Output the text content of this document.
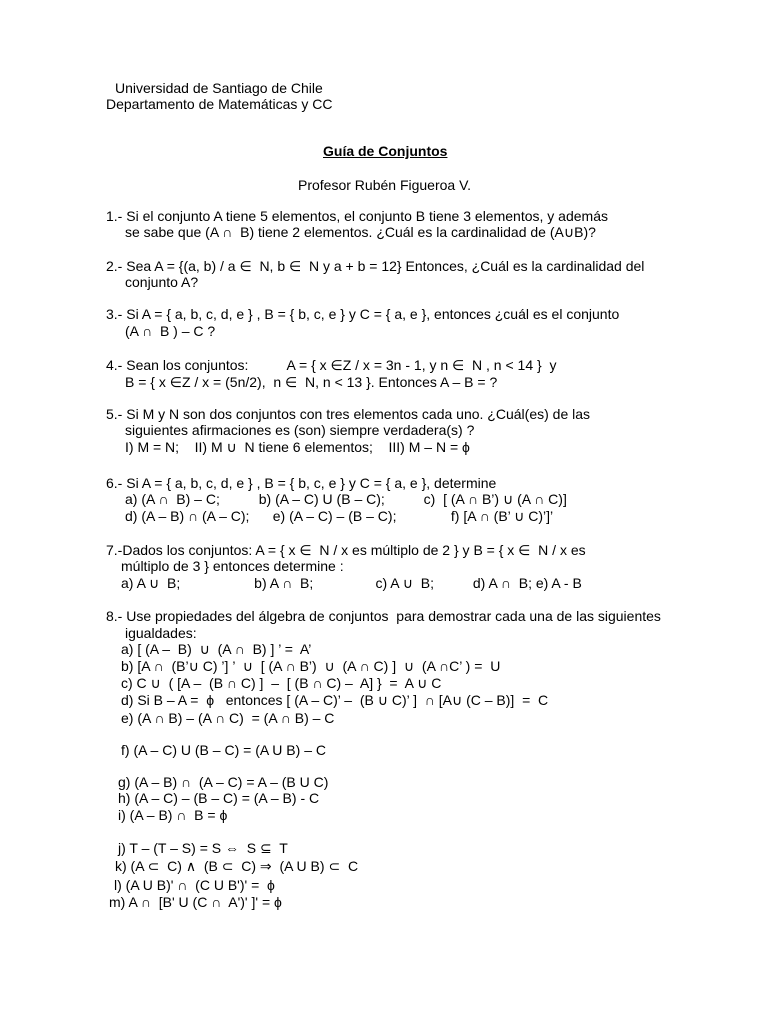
Universidad de Santiago de Chile
Departamento de Matemáticas y CC
Guía de Conjuntos
Profesor Rubén Figueroa V.
1.- Si el conjunto A tiene 5 elementos, el conjunto B tiene 3 elementos, y además
se sabe que (A ∩  B) tiene 2 elementos. ¿Cuál es la cardinalidad de (A∪B)?
2.- Sea A = {(a, b) / a ∈  N, b ∈  N y a + b = 12} Entonces, ¿Cuál es la cardinalidad del
conjunto A?
3.- Si A = { a, b, c, d, e } , B = { b, c, e } y C = { a, e }, entonces ¿cuál es el conjunto
(A ∩  B ) – C ?
4.- Sean los conjuntos:          A = { x ∈Z / x = 3n - 1, y n ∈  N , n < 14 }  y
B = { x ∈Z / x = (5n/2),  n ∈  N, n < 13 }. Entonces A – B = ?
5.- Si M y N son dos conjuntos con tres elementos cada uno. ¿Cuál(es) de las
siguientes afirmaciones es (son) siempre verdadera(s) ?
I) M = N;    II) M ∪  N tiene 6 elementos;    III) M – N = ϕ
6.- Si A = { a, b, c, d, e } , B = { b, c, e } y C = { a, e }, determine
a) (A ∩  B) – C;          b) (A – C) U (B – C);          c)  [ (A ∩ B’) ∪ (A ∩ C)]
d) (A – B) ∩ (A – C);      e) (A – C) – (B – C);              f) [A ∩ (B’ ∪ C)’]’
7.-Dados los conjuntos: A = { x ∈  N / x es múltiplo de 2 } y B = { x ∈  N / x es
múltiplo de 3 } entonces determine :
a) A ∪  B;                   b) A ∩  B;                c) A ∪  B;          d) A ∩  B; e) A - B
8.- Use propiedades del álgebra de conjuntos  para demostrar cada una de las siguientes
igualdades:
a) [ (A –  B)  ∪  (A ∩  B) ] ’ =  A’
b) [A ∩  (B’∪ C) ’] ’  ∪  [ (A ∩ B’)  ∪  (A ∩ C) ]  ∪  (A ∩C’ ) =  U
c) C ∪  ( [A –  (B ∩ C) ]  –  [ (B ∩ C) –  A] }  =  A ∪ C
d) Si B – A =  ϕ   entonces [ (A – C)’ –  (B ∪ C)’ ]  ∩ [A∪ (C – B)]  =  C
e) (A ∩ B) – (A ∩ C)  = (A ∩ B) – C
f) (A – C) U (B – C) = (A U B) – C
g) (A – B) ∩  (A – C) = A – (B U C)
h) (A – C) – (B – C) = (A – B) - C
i) (A – B) ∩  B = ϕ
j) T – (T – S) = S ⇔  S ⊆  T
k) (A ⊂  C) ∧  (B ⊂  C) ⇒  (A U B) ⊂  C
l) (A U B)' ∩  (C U B')' =  ϕ
m) A ∩  [B' U (C ∩  A')' ]' = ϕ
